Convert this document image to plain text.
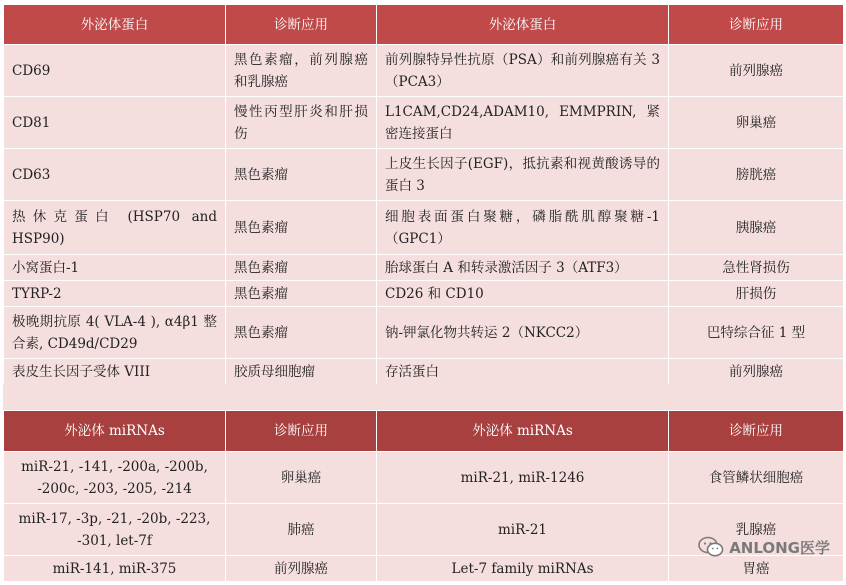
外泌体蛋白	诊断应用	外泌体蛋白	诊断应用
CD69	黑色素瘤，前列腺癌和乳腺癌	前列腺特异性抗原（PSA）和前列腺癌有关 3（PCA3）	前列腺癌
CD81	慢性丙型肝炎和肝损伤	L1CAM,CD24,ADAM10, EMMPRIN, 紧密连接蛋白	卵巢癌
CD63	黑色素瘤	上皮生长因子(EGF)，抵抗素和视黄酸诱导的蛋白 3	膀胱癌
热休克蛋白 (HSP70 and HSP90)	黑色素瘤	细胞表面蛋白聚糖，磷脂酰肌醇聚糖-1（GPC1）	胰腺癌
小窝蛋白-1	黑色素瘤	胎球蛋白 A 和转录激活因子 3（ATF3）	急性肾损伤
TYRP-2	黑色素瘤	CD26 和 CD10	肝损伤
极晚期抗原 4( VLA-4 ), α4β1 整合素, CD49d/CD29	黑色素瘤	钠-钾氯化物共转运 2（NKCC2）	巴特综合征 1 型
表皮生长因子受体 VIII	胶质母细胞瘤	存活蛋白	前列腺癌
外泌体 miRNAs	诊断应用	外泌体 miRNAs	诊断应用
miR-21, -141, -200a, -200b, -200c, -203, -205, -214	卵巢癌	miR-21, miR-1246	食管鳞状细胞癌
miR-17, -3p, -21, -20b, -223, -301, let-7f	肺癌	miR-21	乳腺癌
miR-141, miR-375	前列腺癌	Let-7 family miRNAs	胃癌
ANLONG医学
